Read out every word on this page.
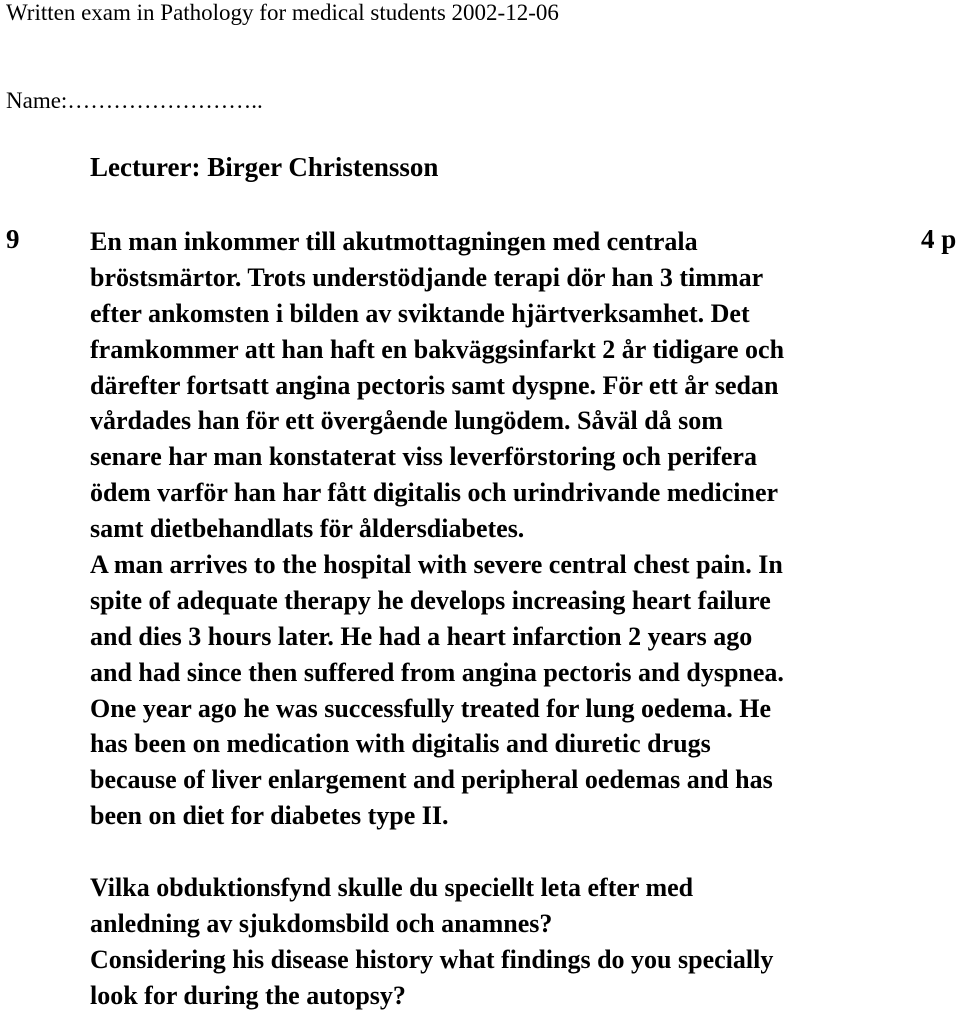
Written exam in Pathology for medical students 2002-12-06
Name:……………………..
Lecturer: Birger Christensson
9	4 p
En man inkommer till akutmottagningen med centrala
bröstsmärtor. Trots understödjande terapi dör han 3 timmar
efter ankomsten i bilden av sviktande hjärtverksamhet. Det
framkommer att han haft en bakväggsinfarkt 2 år tidigare och
därefter fortsatt angina pectoris samt dyspne. För ett år sedan
vårdades han för ett övergående lungödem. Såväl då som
senare har man konstaterat viss leverförstoring och perifera
ödem varför han har fått digitalis och urindrivande mediciner
samt dietbehandlats för åldersdiabetes.
A man arrives to the hospital with severe central chest pain. In
spite of adequate therapy he develops increasing heart failure
and dies 3 hours later. He had a heart infarction 2 years ago
and had since then suffered from angina pectoris and dyspnea.
One year ago he was successfully treated for lung oedema. He
has been on medication with digitalis and diuretic drugs
because of liver enlargement and peripheral oedemas and has
been on diet for diabetes type II.
Vilka obduktionsfynd skulle du speciellt leta efter med
anledning av sjukdomsbild och anamnes?
Considering his disease history what findings do you specially
look for during the autopsy?
